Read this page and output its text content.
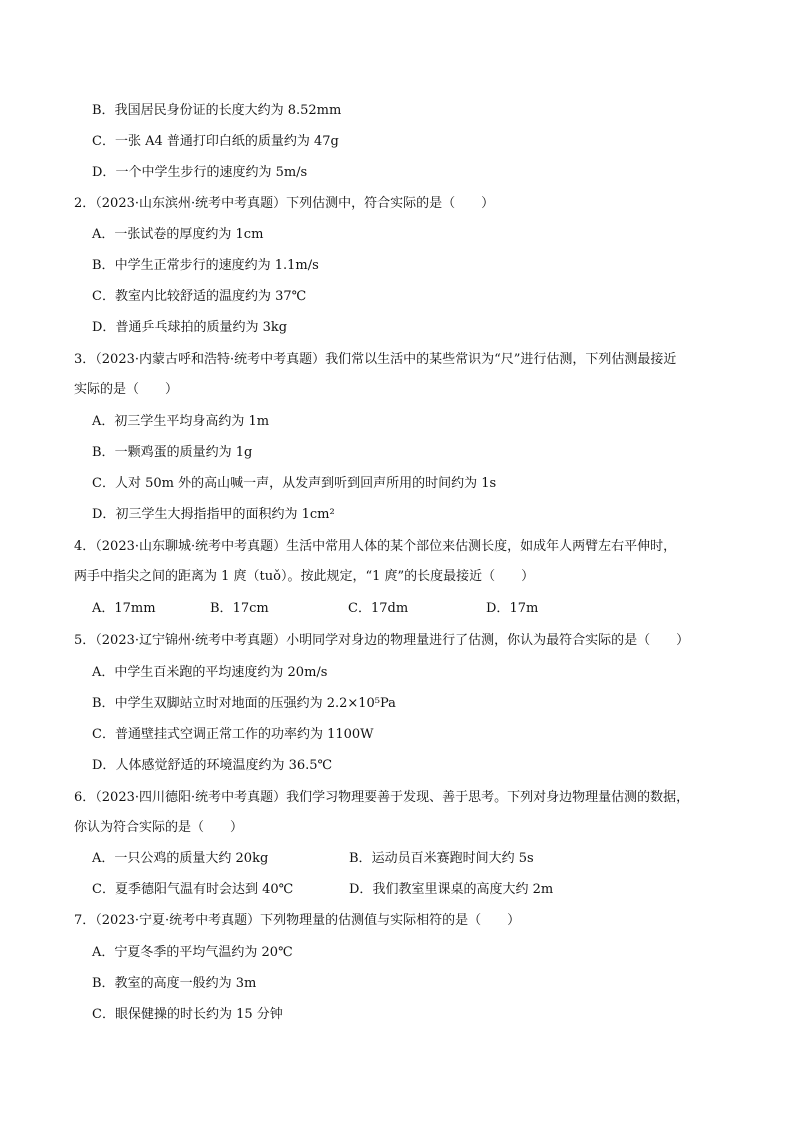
B．我国居民身份证的长度大约为 8.52mm
C．一张 A4 普通打印白纸的质量约为 47g
D．一个中学生步行的速度约为 5m/s
2．（2023·山东滨州·统考中考真题）下列估测中，符合实际的是（　　）
A．一张试卷的厚度约为 1cm
B．中学生正常步行的速度约为 1.1m/s
C．教室内比较舒适的温度约为 37℃
D．普通乒乓球拍的质量约为 3kg
3．（2023·内蒙古呼和浩特·统考中考真题）我们常以生活中的某些常识为“尺”进行估测，下列估测最接近
实际的是（　　）
A．初三学生平均身高约为 1m
B．一颗鸡蛋的质量约为 1g
C．人对 50m 外的高山喊一声，从发声到听到回声所用的时间约为 1s
D．初三学生大拇指指甲的面积约为 1cm²
4．（2023·山东聊城·统考中考真题）生活中常用人体的某个部位来估测长度，如成年人两臂左右平伸时，
两手中指尖之间的距离为 1 庹（tuǒ）。按此规定，“1 庹”的长度最接近（　　）
A．17mm	B．17cm	C．17dm	D．17m
5．（2023·辽宁锦州·统考中考真题）小明同学对身边的物理量进行了估测，你认为最符合实际的是（　　）
A．中学生百米跑的平均速度约为 20m/s
B．中学生双脚站立时对地面的压强约为 2.2×10⁵Pa
C．普通壁挂式空调正常工作的功率约为 1100W
D．人体感觉舒适的环境温度约为 36.5℃
6．（2023·四川德阳·统考中考真题）我们学习物理要善于发现、善于思考。下列对身边物理量估测的数据，
你认为符合实际的是（　　）
A．一只公鸡的质量大约 20kg	B．运动员百米赛跑时间大约 5s
C．夏季德阳气温有时会达到 40℃	D．我们教室里课桌的高度大约 2m
7．（2023·宁夏·统考中考真题）下列物理量的估测值与实际相符的是（　　）
A．宁夏冬季的平均气温约为 20℃
B．教室的高度一般约为 3m
C．眼保健操的时长约为 15 分钟
